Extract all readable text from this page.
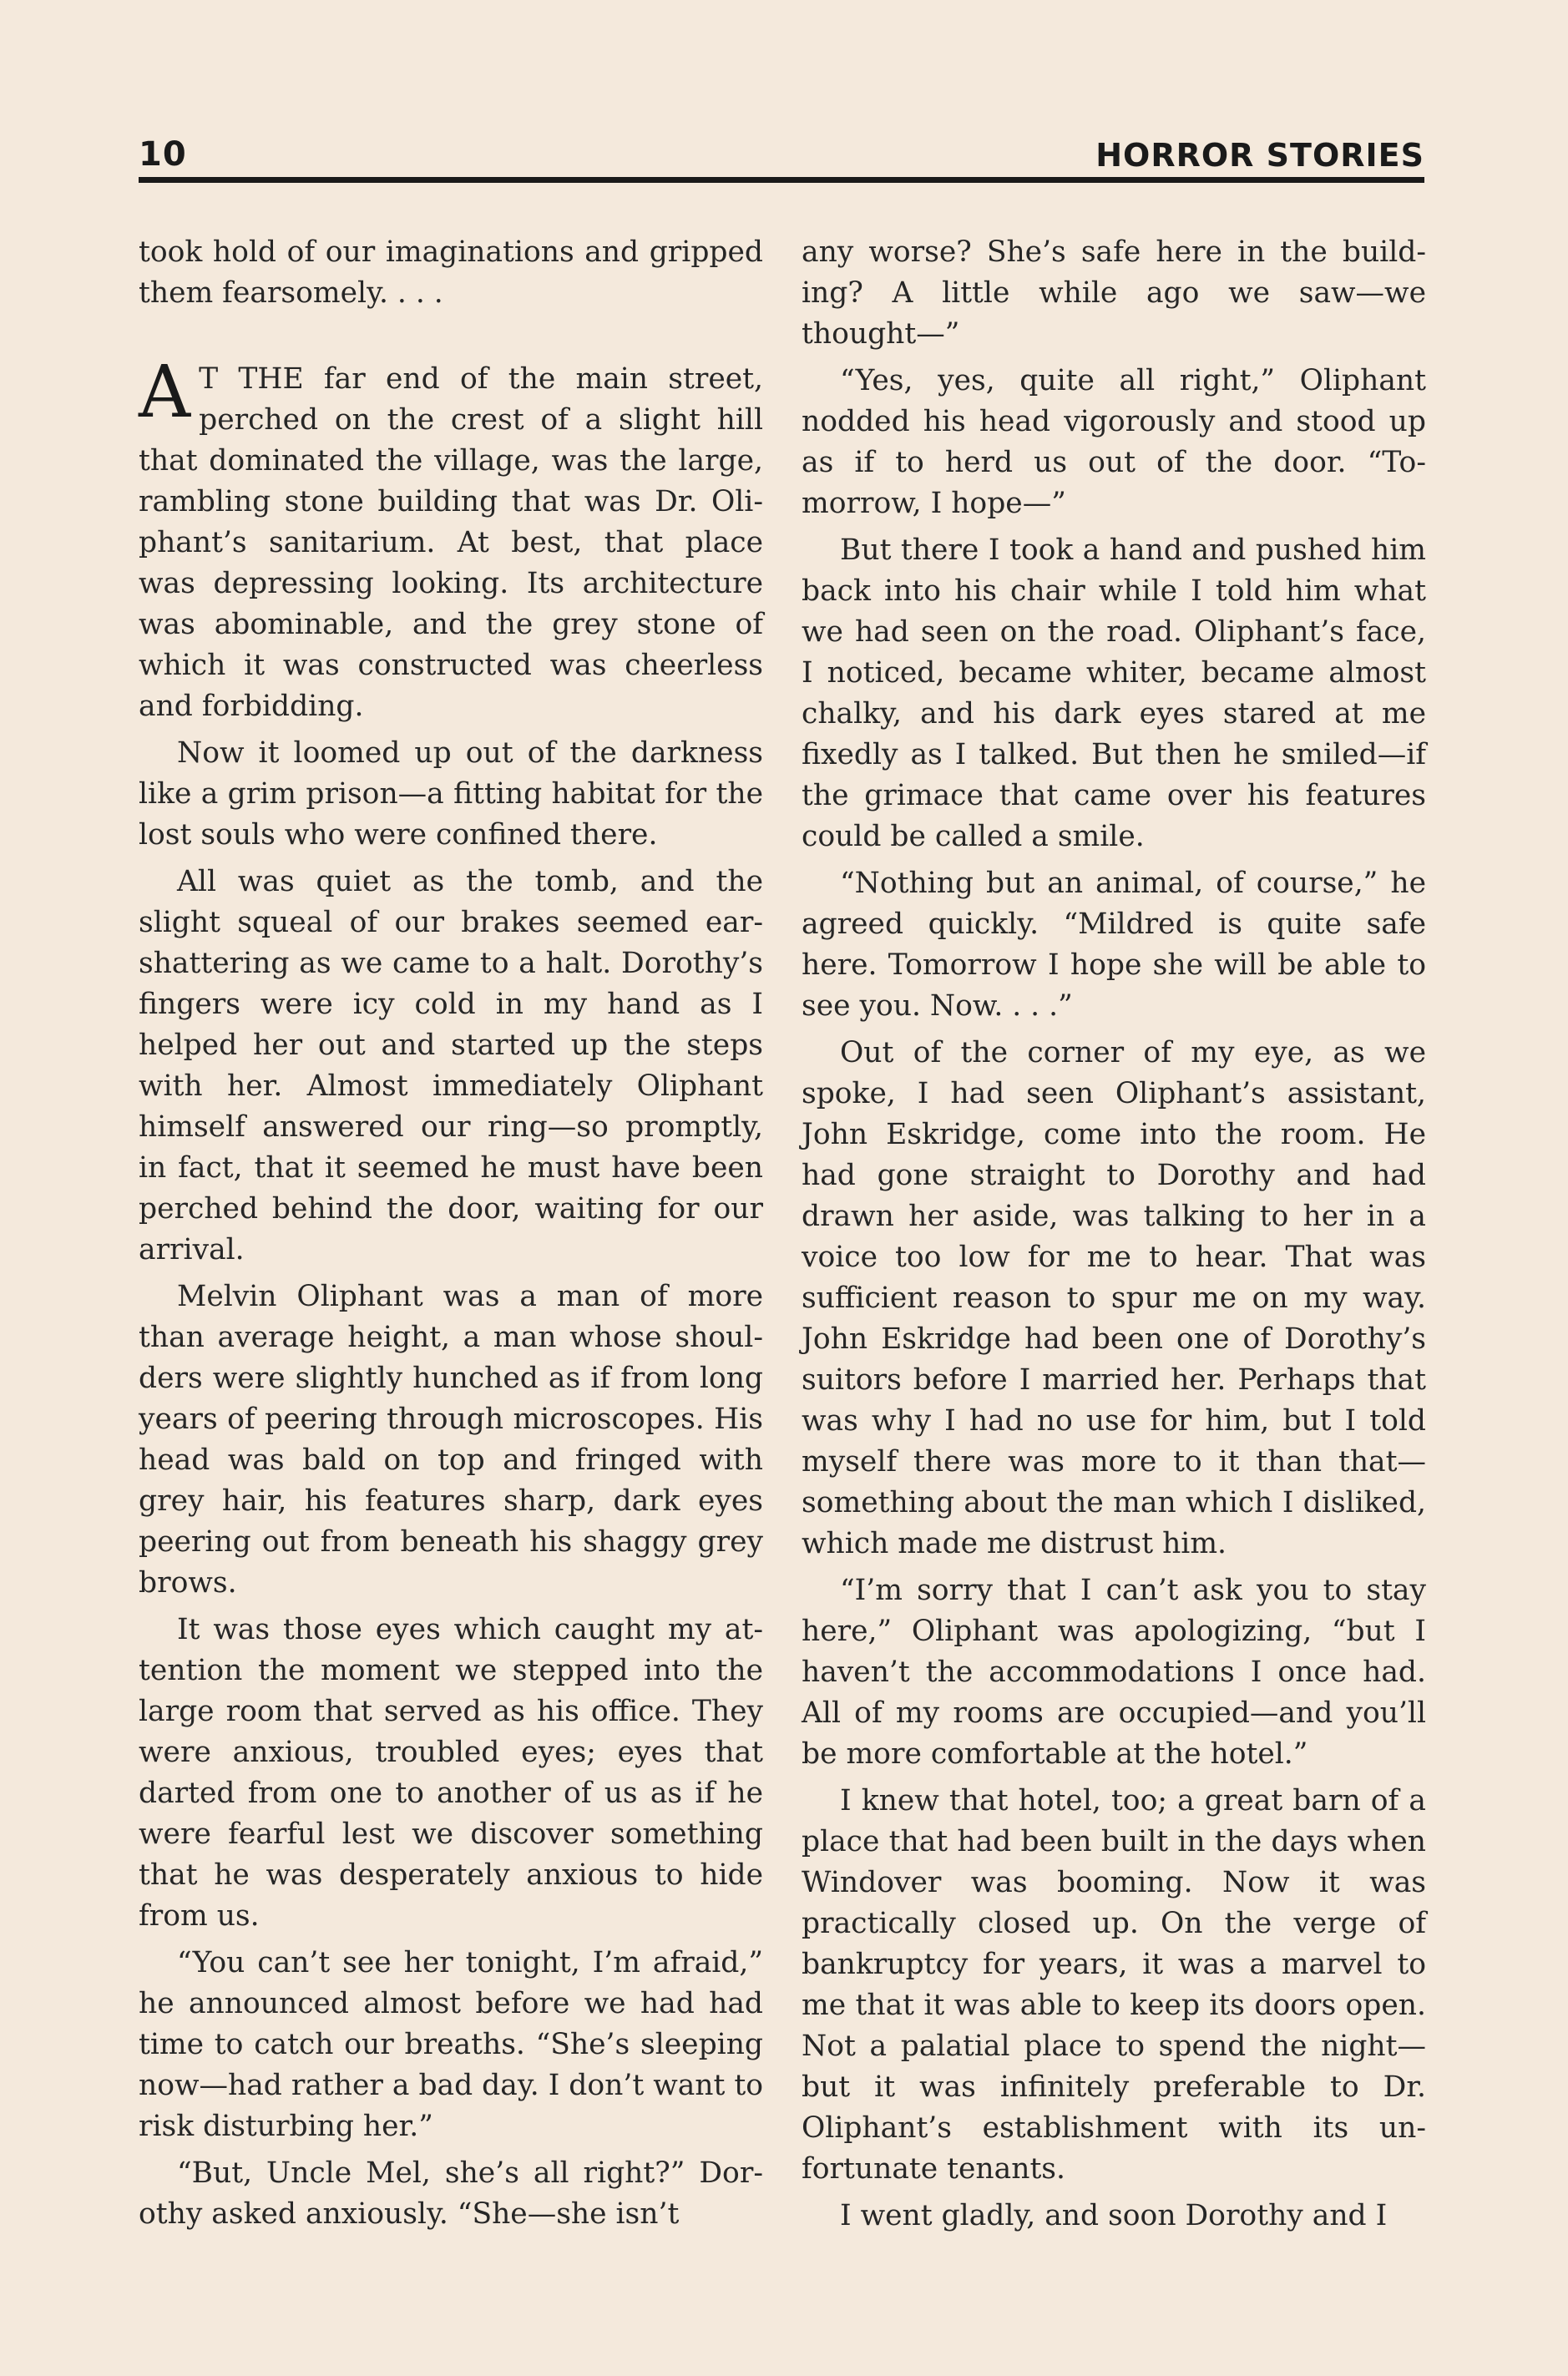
10	HORROR STORIES

took hold of our imaginations and gripped them fearsomely. . . .

A T THE far end of the main street, perched on the crest of a slight hill that dominated the village, was the large, rambling stone building that was Dr. Oliphant’s sanitarium. At best, that place was depressing looking. Its architecture was abominable, and the grey stone of which it was constructed was cheerless and forbidding.

Now it loomed up out of the darkness like a grim prison—a fitting habitat for the lost souls who were confined there.

All was quiet as the tomb, and the slight squeal of our brakes seemed ear-shattering as we came to a halt. Dorothy’s fingers were icy cold in my hand as I helped her out and started up the steps with her. Almost immediately Oliphant himself answered our ring—so promptly, in fact, that it seemed he must have been perched behind the door, waiting for our arrival.

Melvin Oliphant was a man of more than average height, a man whose shoulders were slightly hunched as if from long years of peering through microscopes. His head was bald on top and fringed with grey hair, his features sharp, dark eyes peering out from beneath his shaggy grey brows.

It was those eyes which caught my attention the moment we stepped into the large room that served as his office. They were anxious, troubled eyes; eyes that darted from one to another of us as if he were fearful lest we discover something that he was desperately anxious to hide from us.

“You can’t see her tonight, I’m afraid,” he announced almost before we had had time to catch our breaths. “She’s sleeping now—had rather a bad day. I don’t want to risk disturbing her.”

“But, Uncle Mel, she’s all right?” Dorothy asked anxiously. “She—she isn’t

any worse? She’s safe here in the building? A little while ago we saw—we thought—”

“Yes, yes, quite all right,” Oliphant nodded his head vigorously and stood up as if to herd us out of the door. “Tomorrow, I hope—”

But there I took a hand and pushed him back into his chair while I told him what we had seen on the road. Oliphant’s face, I noticed, became whiter, became almost chalky, and his dark eyes stared at me fixedly as I talked. But then he smiled—if the grimace that came over his features could be called a smile.

“Nothing but an animal, of course,” he agreed quickly. “Mildred is quite safe here. Tomorrow I hope she will be able to see you. Now. . . .”

Out of the corner of my eye, as we spoke, I had seen Oliphant’s assistant, John Eskridge, come into the room. He had gone straight to Dorothy and had drawn her aside, was talking to her in a voice too low for me to hear. That was sufficient reason to spur me on my way. John Eskridge had been one of Dorothy’s suitors before I married her. Perhaps that was why I had no use for him, but I told myself there was more to it than that—something about the man which I disliked, which made me distrust him.

“I’m sorry that I can’t ask you to stay here,” Oliphant was apologizing, “but I haven’t the accommodations I once had. All of my rooms are occupied—and you’ll be more comfortable at the hotel.”

I knew that hotel, too; a great barn of a place that had been built in the days when Windover was booming. Now it was practically closed up. On the verge of bankruptcy for years, it was a marvel to me that it was able to keep its doors open. Not a palatial place to spend the night—but it was infinitely preferable to Dr. Oliphant’s establishment with its unfortunate tenants.

I went gladly, and soon Dorothy and I
